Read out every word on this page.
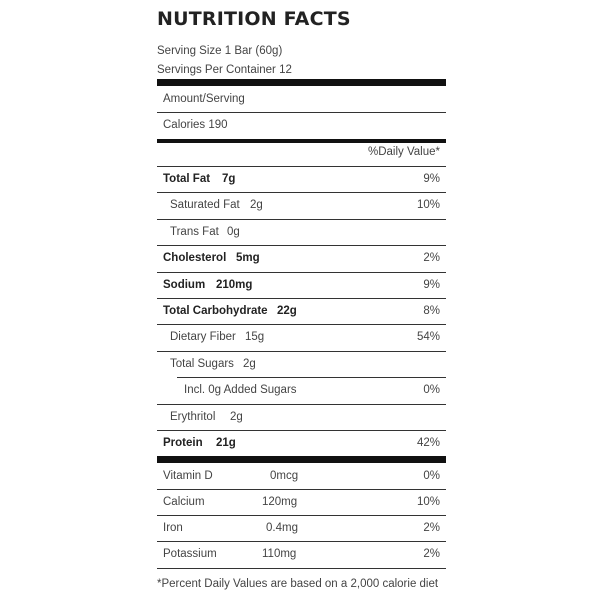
NUTRITION FACTS
Serving Size 1 Bar (60g)
Servings Per Container 12
Amount/Serving
Calories 190
%Daily Value*
Total Fat 7g	9%
Saturated Fat 2g	10%
Trans Fat 0g
Cholesterol 5mg	2%
Sodium 210mg	9%
Total Carbohydrate 22g	8%
Dietary Fiber 15g	54%
Total Sugars 2g
Incl. 0g Added Sugars	0%
Erythritol 2g
Protein 21g	42%
Vitamin D	0mcg	0%
Calcium	120mg	10%
Iron	0.4mg	2%
Potassium	110mg	2%
*Percent Daily Values are based on a 2,000 calorie diet
